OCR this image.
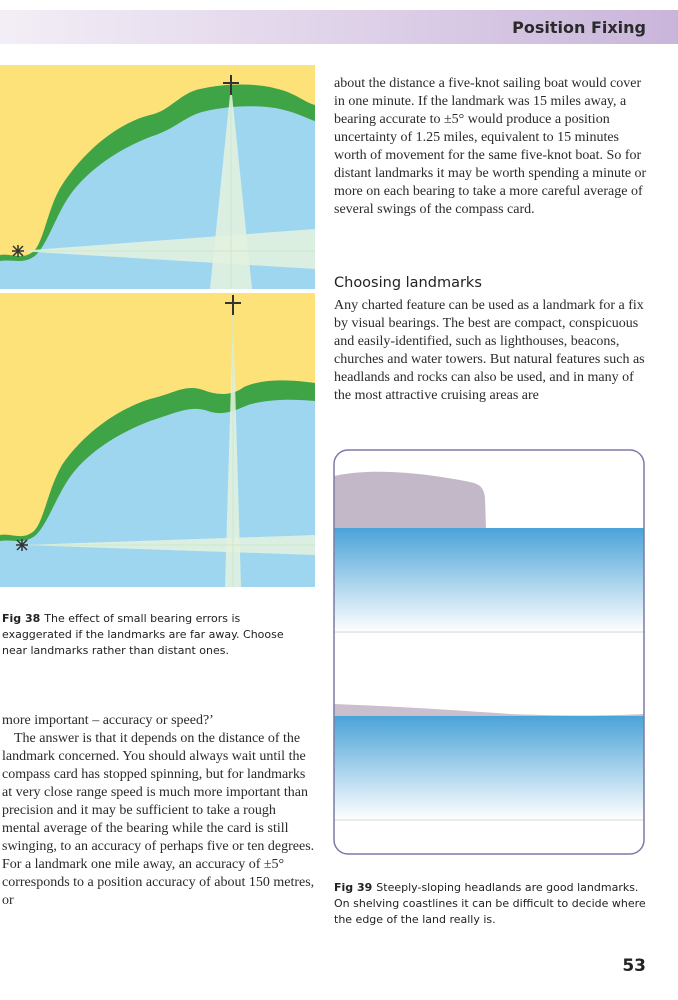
Position Fixing
Fig 38 The effect of small bearing errors is exaggerated if the landmarks are far away. Choose near landmarks rather than distant ones.
Fig 39 Steeply-sloping headlands are good landmarks. On shelving coastlines it can be difficult to decide where the edge of the land really is.
about the distance a five-knot sailing boat would cover in one minute. If the landmark was 15 miles away, a bearing accurate to ±5° would produce a position uncertainty of 1.25 miles, equivalent to 15 minutes worth of movement for the same five-knot boat. So for distant landmarks it may be worth spending a minute or more on each bearing to take a more careful average of several swings of the compass card.
Choosing landmarks
Any charted feature can be used as a landmark for a fix by visual bearings. The best are compact, conspicuous and easily-identified, such as lighthouses, beacons, churches and water towers. But natural features such as headlands and rocks can also be used, and in many of the most attractive cruising areas are
more important – accuracy or speed?’
The answer is that it depends on the distance of the landmark concerned. You should always wait until the compass card has stopped spinning, but for landmarks at very close range speed is much more important than precision and it may be sufficient to take a rough mental average of the bearing while the card is still swinging, to an accuracy of perhaps five or ten degrees. For a landmark one mile away, an accuracy of ±5° corresponds to a position accuracy of about 150 metres, or
53
